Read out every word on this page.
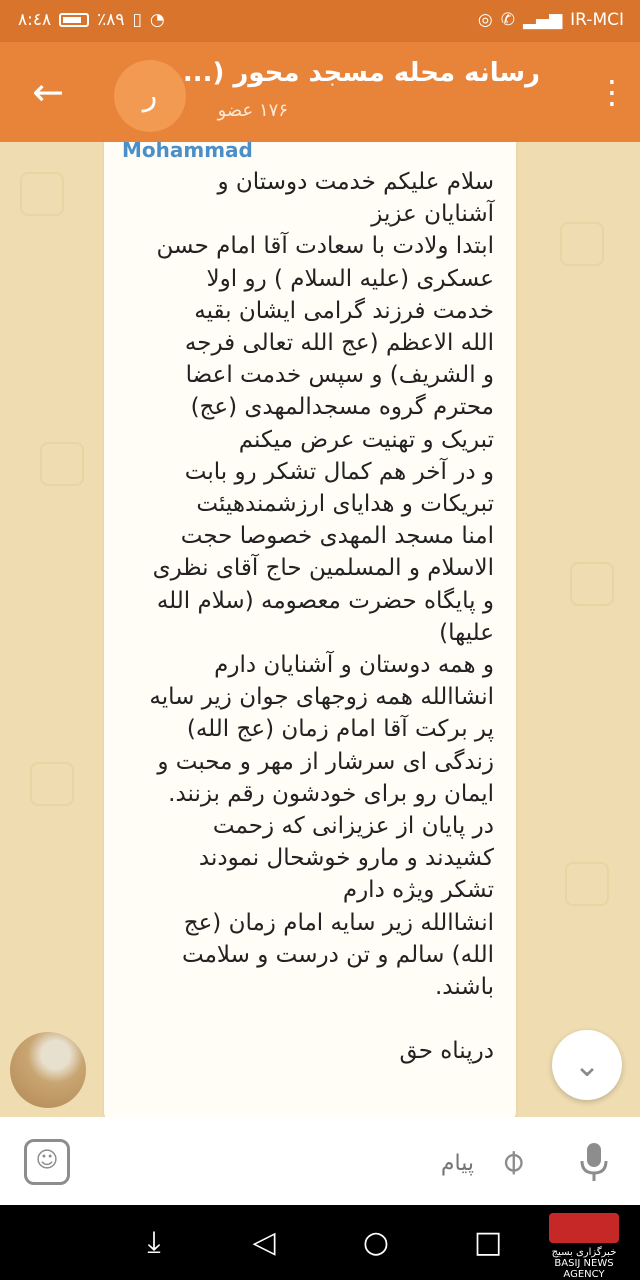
٨:٤٨	٪٨٩ ▯ ◔	◎ ✆ ▂▄▆ IR-MCI
←	ر
رسانه محله مسجد محور (...
۱۷۶ عضو	⋮
Mohammad
سلام علیکم خدمت دوستان و
آشنایان عزیز
ابتدا ولادت با سعادت آقا امام حسن
عسکری (علیه السلام ) رو اولا
خدمت فرزند گرامی ایشان بقیه
الله الاعظم (عج الله تعالی فرجه
و الشریف) و سپس خدمت اعضا
محترم گروه مسجدالمهدی (عج)
تبریک و تهنیت عرض میکنم
و در آخر هم کمال تشکر رو بابت
تبریکات و هدایای ارزشمندهیئت
امنا مسجد المهدی خصوصا حجت
الاسلام و المسلمین حاج آقای نظری
و پایگاه حضرت معصومه (سلام الله
علیها)
و همه دوستان و آشنایان دارم
انشاالله همه زوجهای جوان زیر سایه
پر برکت آقا امام زمان (عج الله)
زندگی ای سرشار از مهر و محبت و
ایمان رو برای خودشون رقم بزنند.
در پایان از عزیزانی که زحمت
کشیدند و مارو خوشحال نمودند
تشکر ویژه دارم
انشاالله زیر سایه امام زمان (عج
الله) سالم و تن درست و سلامت
باشند.

درپناه حق	⌄
☺
پیام	⌀
⤓	◁	○	□	خبرگزاری بسیج
BASIJ NEWS AGENCY
